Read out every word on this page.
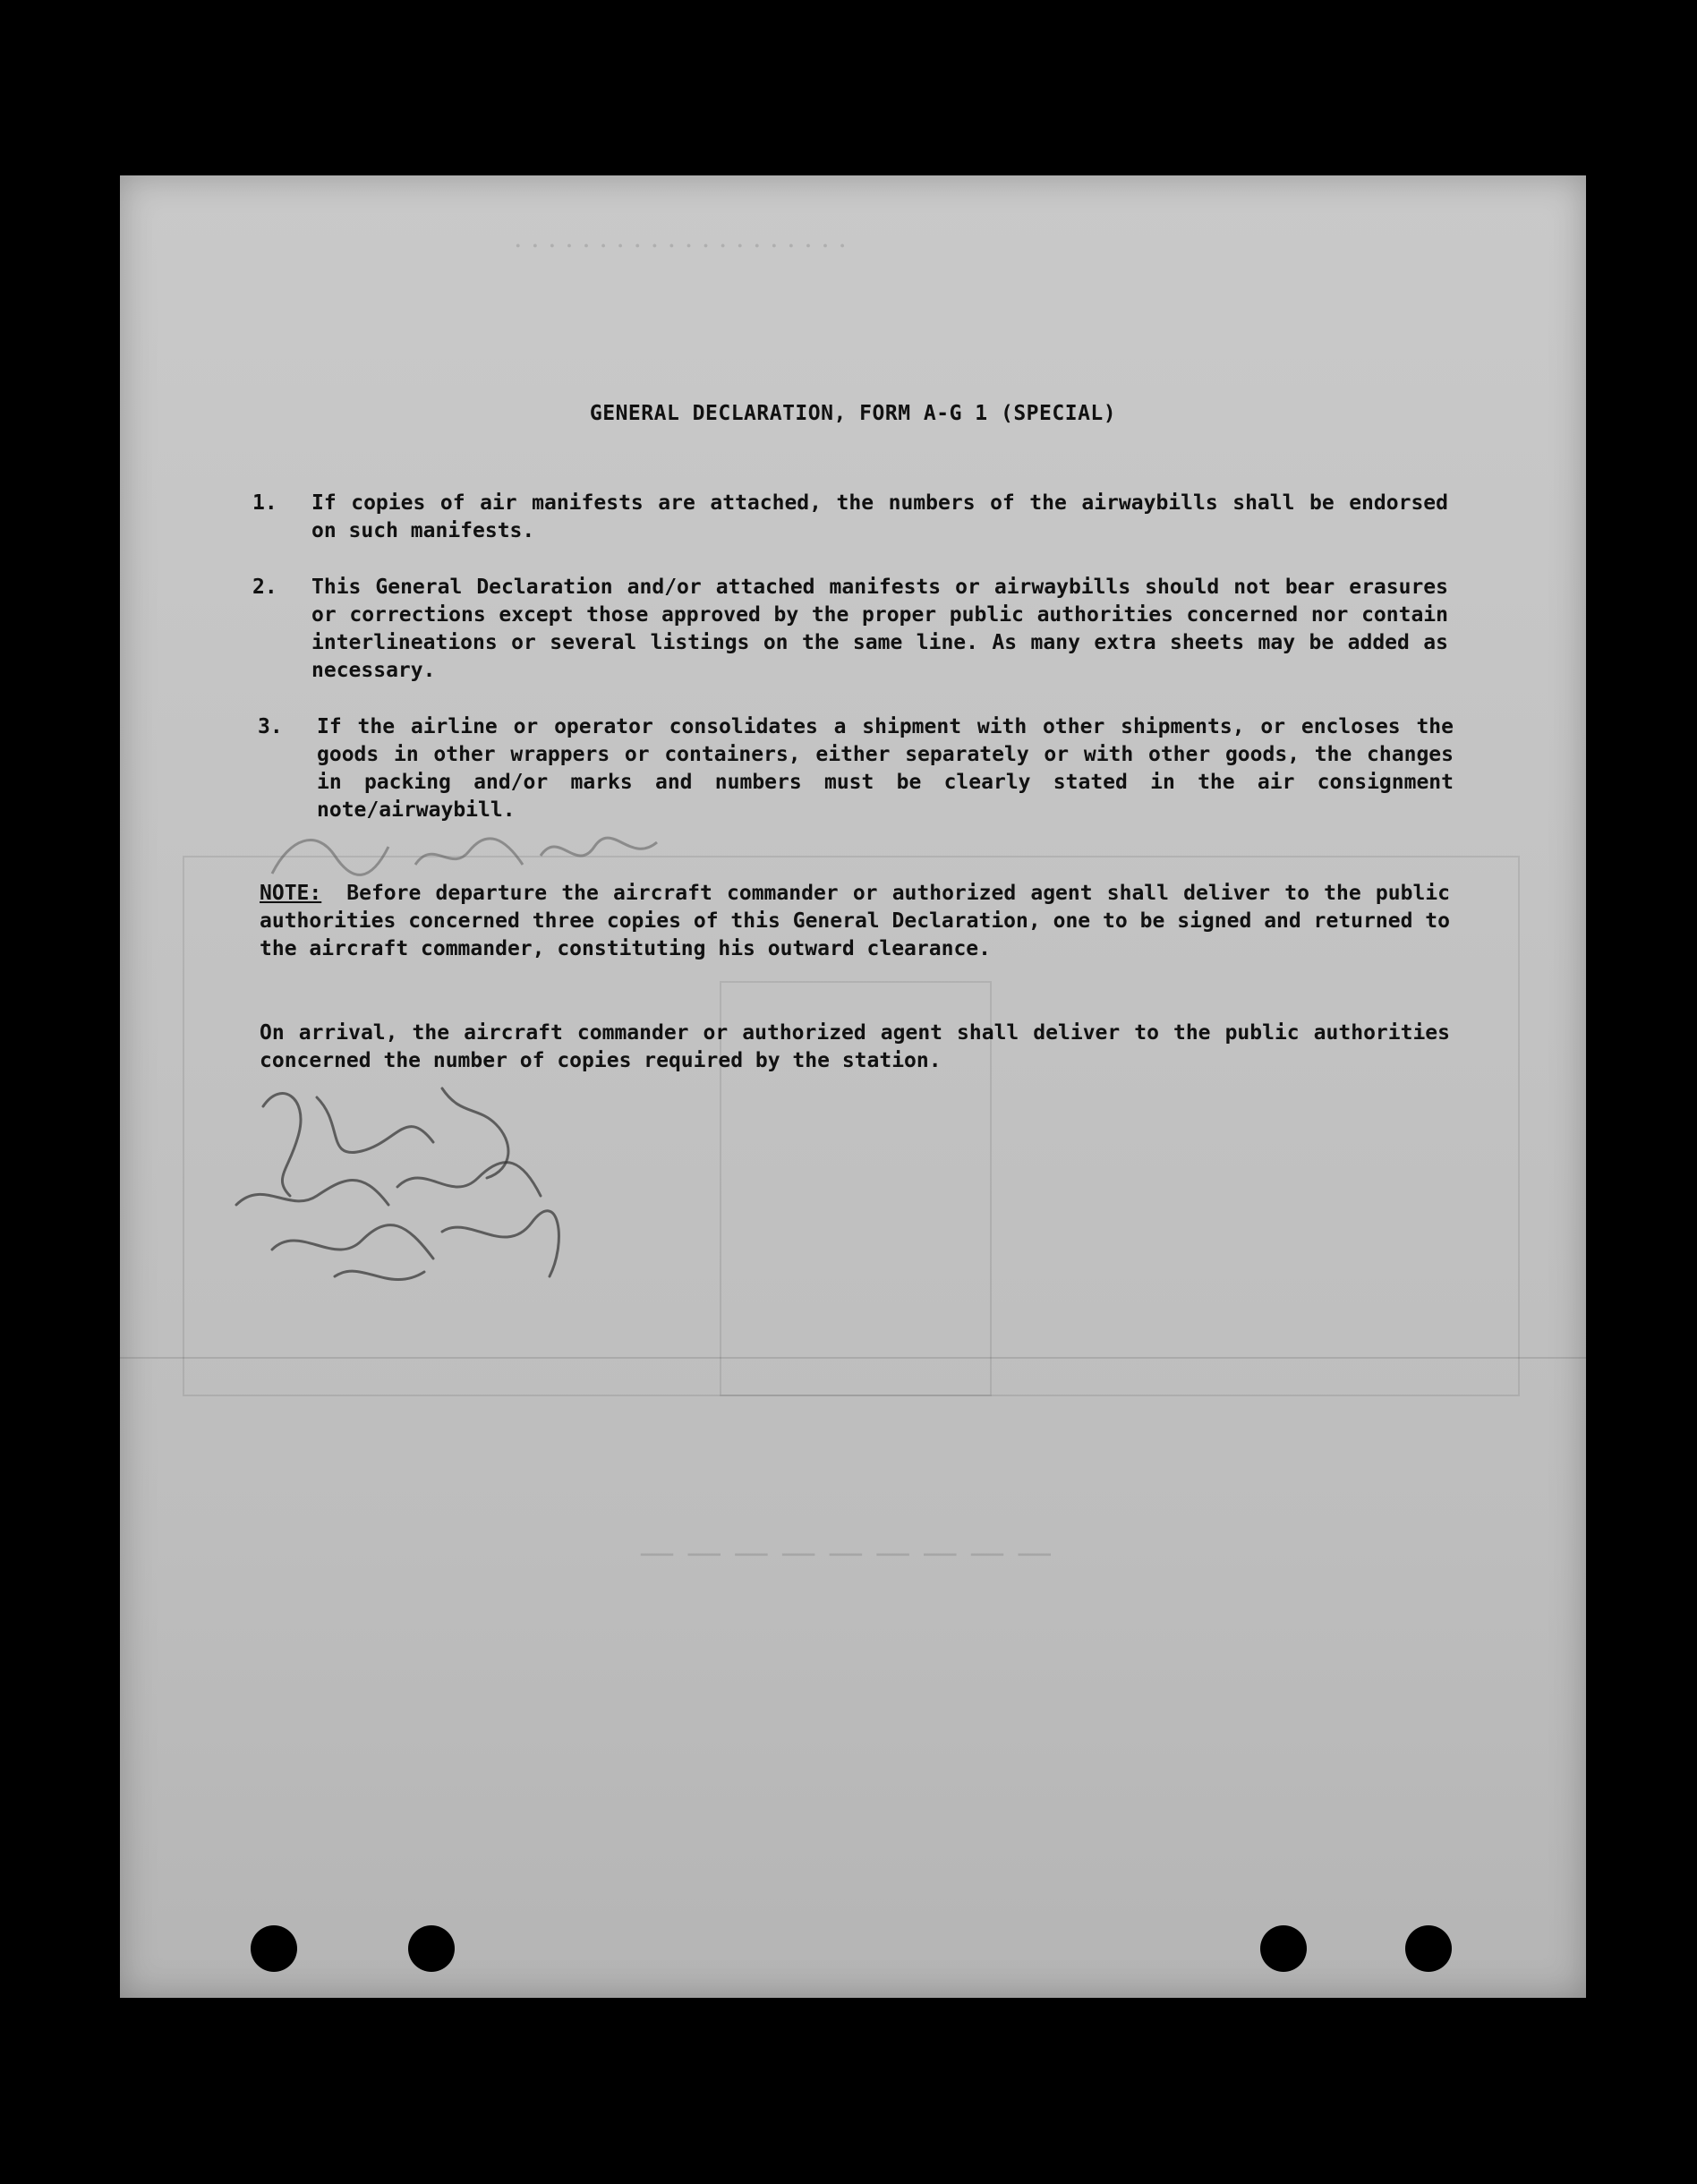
· · · · · · · · · · · · · · · · · · · ·
— — — — — — — — —
GENERAL DECLARATION, FORM A-G 1 (SPECIAL)
1. If copies of air manifests are attached, the numbers of the airwaybills shall be endorsed on such manifests.
2. This General Declaration and/or attached manifests or airwaybills should not bear erasures or corrections except those approved by the proper public authorities concerned nor contain interlineations or several listings on the same line. As many extra sheets may be added as necessary.
3. If the airline or operator consolidates a shipment with other shipments, or encloses the goods in other wrappers or containers, either separately or with other goods, the changes in packing and/or marks and numbers must be clearly stated in the air consignment note/airwaybill.
NOTE: Before departure the aircraft commander or authorized agent shall deliver to the public authorities concerned three copies of this General Declaration, one to be signed and returned to the aircraft commander, constituting his outward clearance.
On arrival, the aircraft commander or authorized agent shall deliver to the public authorities concerned the number of copies required by the station.
